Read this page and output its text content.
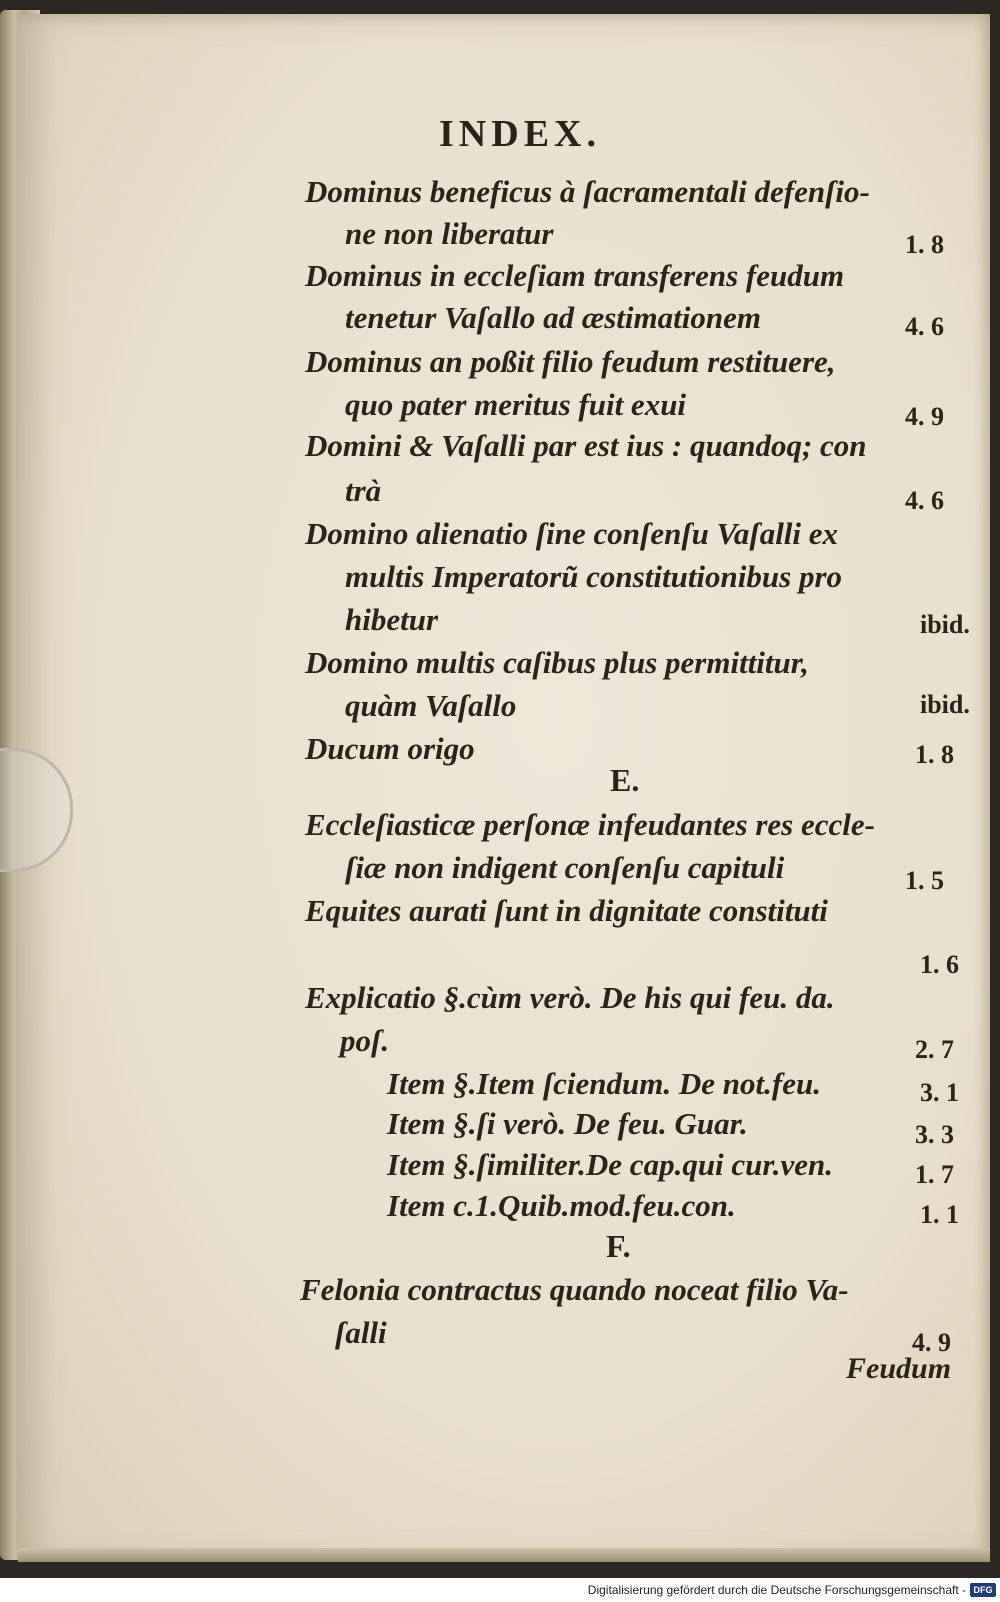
INDEX.
Dominus beneficus à ſacramentali defenſio-
ne non liberatur
Dominus in eccleſiam transferens feudum
tenetur Vaſallo ad æstimationem
Dominus an poßit filio feudum restituere,
quo pater meritus fuit exui
Domini & Vaſalli par est ius : quandoq; con
trà
Domino alienatio ſine conſenſu Vaſalli ex
multis Imperatorũ constitutionibus pro
hibetur
Domino multis caſibus plus permittitur,
quàm Vaſallo
Ducum origo
Eccleſiasticæ perſonæ infeudantes res eccle-
ſiæ non indigent conſenſu capituli
Equites aurati ſunt in dignitate constituti
Explicatio §.cùm verò. De his qui feu. da.
poſ.
Item §.Item ſciendum. De not.feu.
Item §.ſi verò. De feu. Guar.
Item §.ſimiliter.De cap.qui cur.ven.
Item c.1.Quib.mod.feu.con.
Felonia contractus quando noceat filio Va-
ſalli
1. 8
4. 6
4. 9
4. 6
ibid.
ibid.
1. 8
1. 5
1. 6
2. 7
3. 1
3. 3
1. 7
1. 1
4. 9
E.
F.
Feudum
Digitalisierung gefördert durch die Deutsche Forschungsgemeinschaft - DFG
